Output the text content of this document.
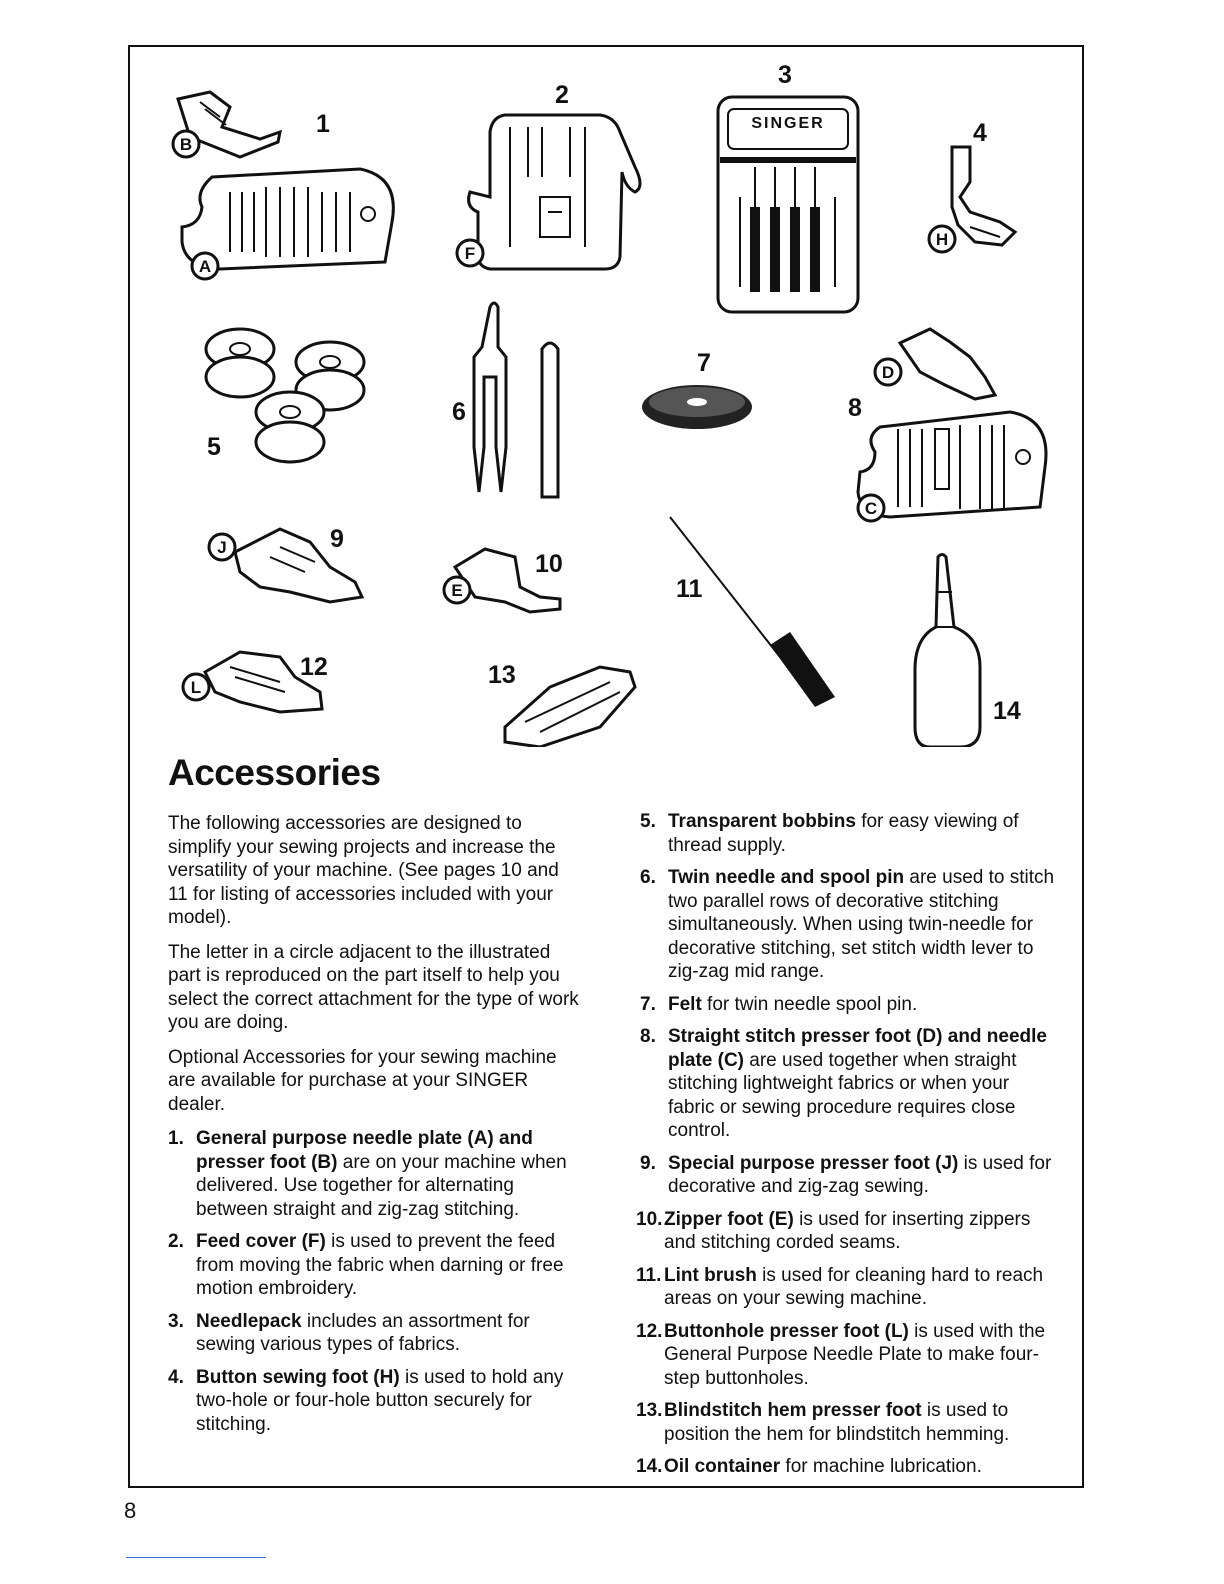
B
A
1
F
2
SINGER
3
H
4
5
6
7	D
C
8
J	9
E
10
11
L
12	13
14
Accessories

The following accessories are designed to simplify your sewing projects and increase the versatility of your machine. (See pages 10 and 11 for listing of accessories included with your model).

The letter in a circle adjacent to the illustrated part is reproduced on the part itself to help you select the correct attachment for the type of work you are doing.

Optional Accessories for your sewing machine are available for purchase at your SINGER dealer.

1. General purpose needle plate (A) and presser foot (B) are on your machine when delivered. Use together for alternating between straight and zig-zag stitching.
2. Feed cover (F) is used to prevent the feed from moving the fabric when darning or free motion embroidery.
3. Needlepack includes an assortment for sewing various types of fabrics.
4. Button sewing foot (H) is used to hold any two-hole or four-hole button securely for stitching.
5. Transparent bobbins for easy viewing of thread supply.
6. Twin needle and spool pin are used to stitch two parallel rows of decorative stitching simultaneously. When using twin-needle for decorative stitching, set stitch width lever to zig-zag mid range.
7. Felt for twin needle spool pin.
8. Straight stitch presser foot (D) and needle plate (C) are used together when straight stitching lightweight fabrics or when your fabric or sewing procedure requires close control.
9. Special purpose presser foot (J) is used for decorative and zig-zag sewing.
10. Zipper foot (E) is used for inserting zippers and stitching corded seams.
11. Lint brush is used for cleaning hard to reach areas on your sewing machine.
12. Buttonhole presser foot (L) is used with the General Purpose Needle Plate to make four-step buttonholes.
13. Blindstitch hem presser foot is used to position the hem for blindstitch hemming.
14. Oil container for machine lubrication.
8
